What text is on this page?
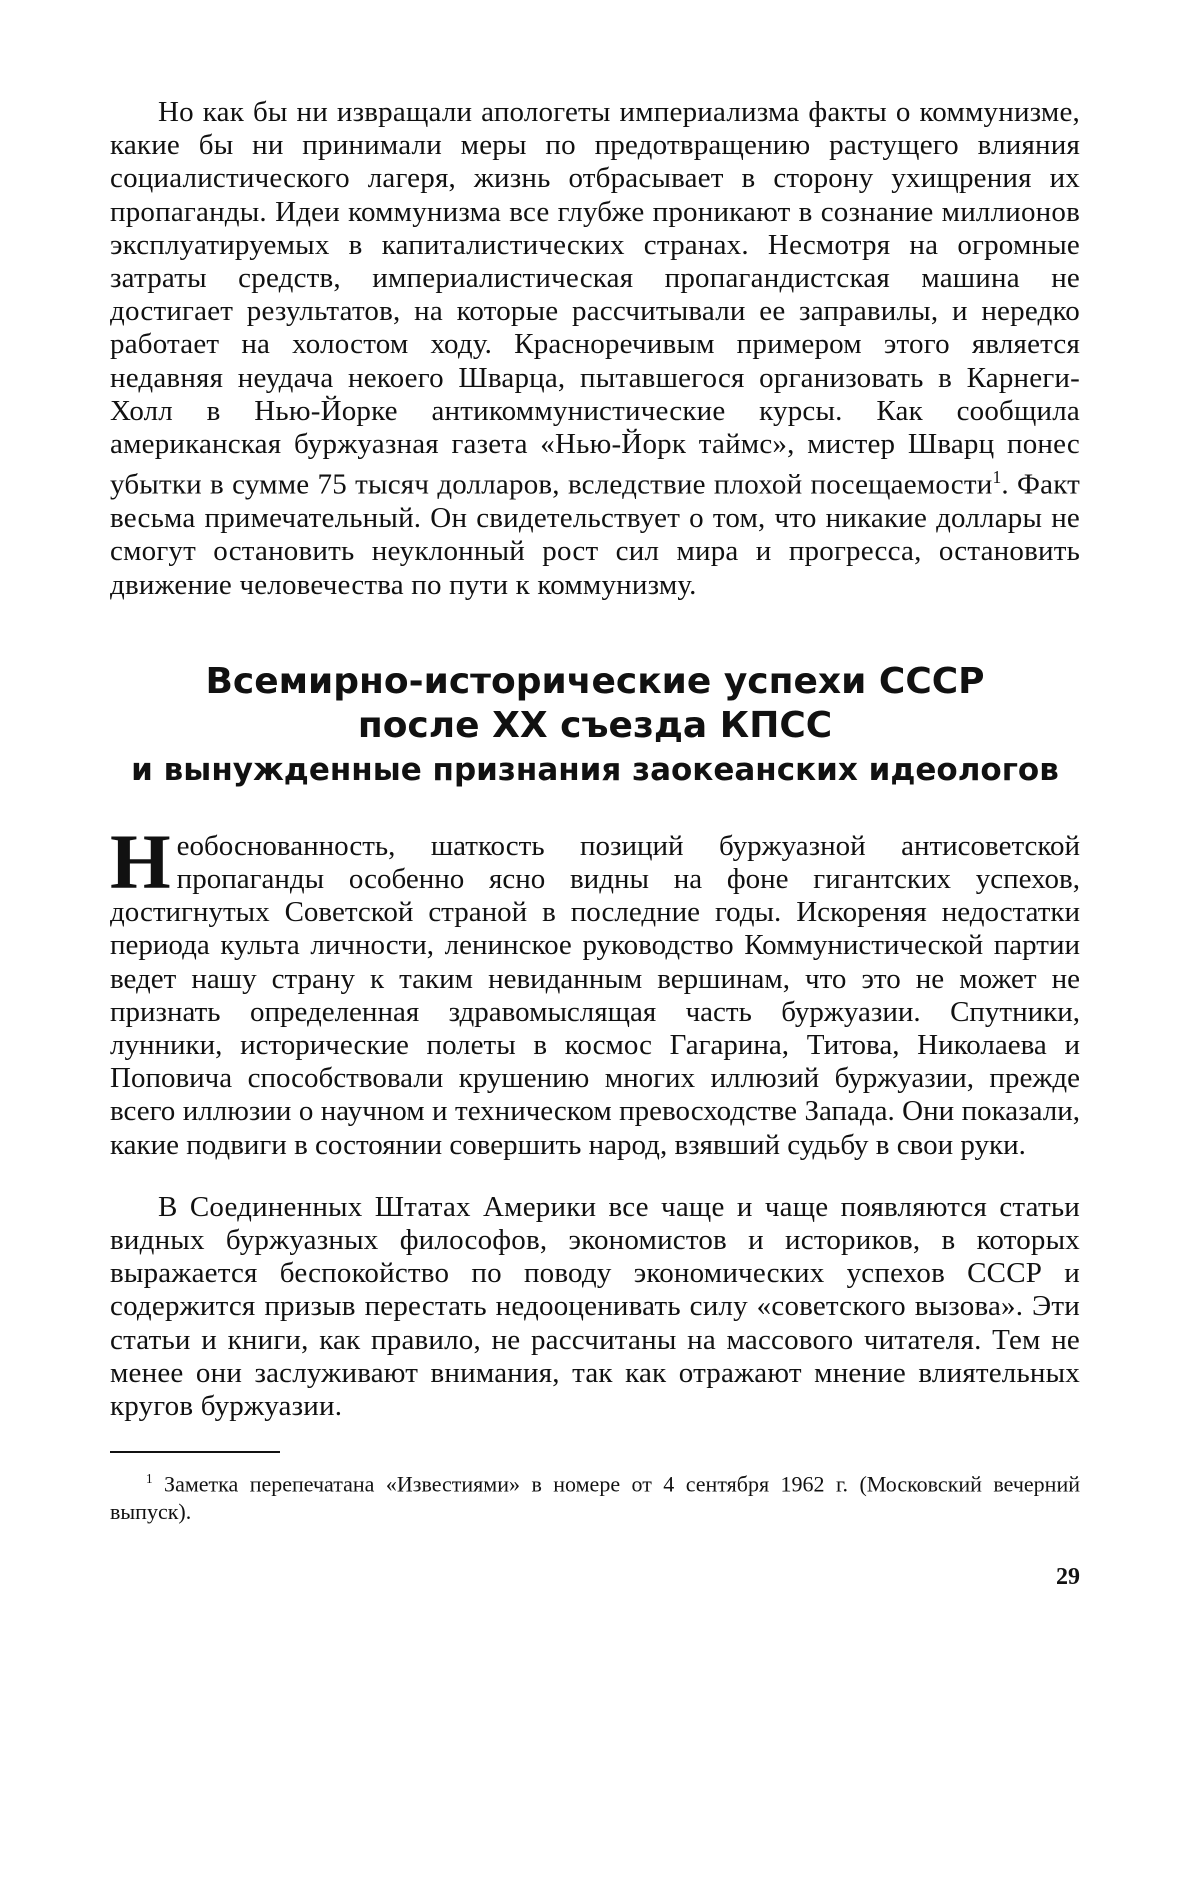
Но как бы ни извращали апологеты империализма факты о коммунизме, какие бы ни принимали меры по предотвращению растущего влияния социалистического лагеря, жизнь отбрасывает в сторону ухищрения их пропаганды. Идеи коммунизма все глубже проникают в сознание миллионов эксплуатируемых в капиталистических странах. Несмотря на огромные затраты средств, империалистическая пропагандистская машина не достигает результатов, на которые рассчитывали ее заправилы, и нередко работает на холостом ходу. Красноречивым примером этого является недавняя неудача некоего Шварца, пытавшегося организовать в Карнеги-Холл в Нью-Йорке антикоммунистические курсы. Как сообщила американская буржуазная газета «Нью-Йорк таймс», мистер Шварц понес убытки в сумме 75 тысяч долларов, вследствие плохой посещаемости$^1$. Факт весьма примечательный. Он свидетельствует о том, что никакие доллары не смогут остановить неуклонный рост сил мира и прогресса, остановить движение человечества по пути к коммунизму.

Всемирно-исторические успехи СССР
после XX съезда КПСС
и вынужденные признания заокеанских идеологов

Необоснованность, шаткость позиций буржуазной антисоветской пропаганды особенно ясно видны на фоне гигантских успехов, достигнутых Советской страной в последние годы. Искореняя недостатки периода культа личности, ленинское руководство Коммунистической партии ведет нашу страну к таким невиданным вершинам, что это не может не признать определенная здравомыслящая часть буржуазии. Спутники, лунники, исторические полеты в космос Гагарина, Титова, Николаева и Поповича способствовали крушению многих иллюзий буржуазии, прежде всего иллюзии о научном и техническом превосходстве Запада. Они показали, какие подвиги в состоянии совершить народ, взявший судьбу в свои руки.

В Соединенных Штатах Америки все чаще и чаще появляются статьи видных буржуазных философов, экономистов и историков, в которых выражается беспокойство по поводу экономических успехов СССР и содержится призыв перестать недооценивать силу «советского вызова». Эти статьи и книги, как правило, не рассчитаны на массового читателя. Тем не менее они заслуживают внимания, так как отражают мнение влиятельных кругов буржуазии.

$^1$ Заметка перепечатана «Известиями» в номере от 4 сентября 1962 г. (Московский вечерний выпуск).

29
